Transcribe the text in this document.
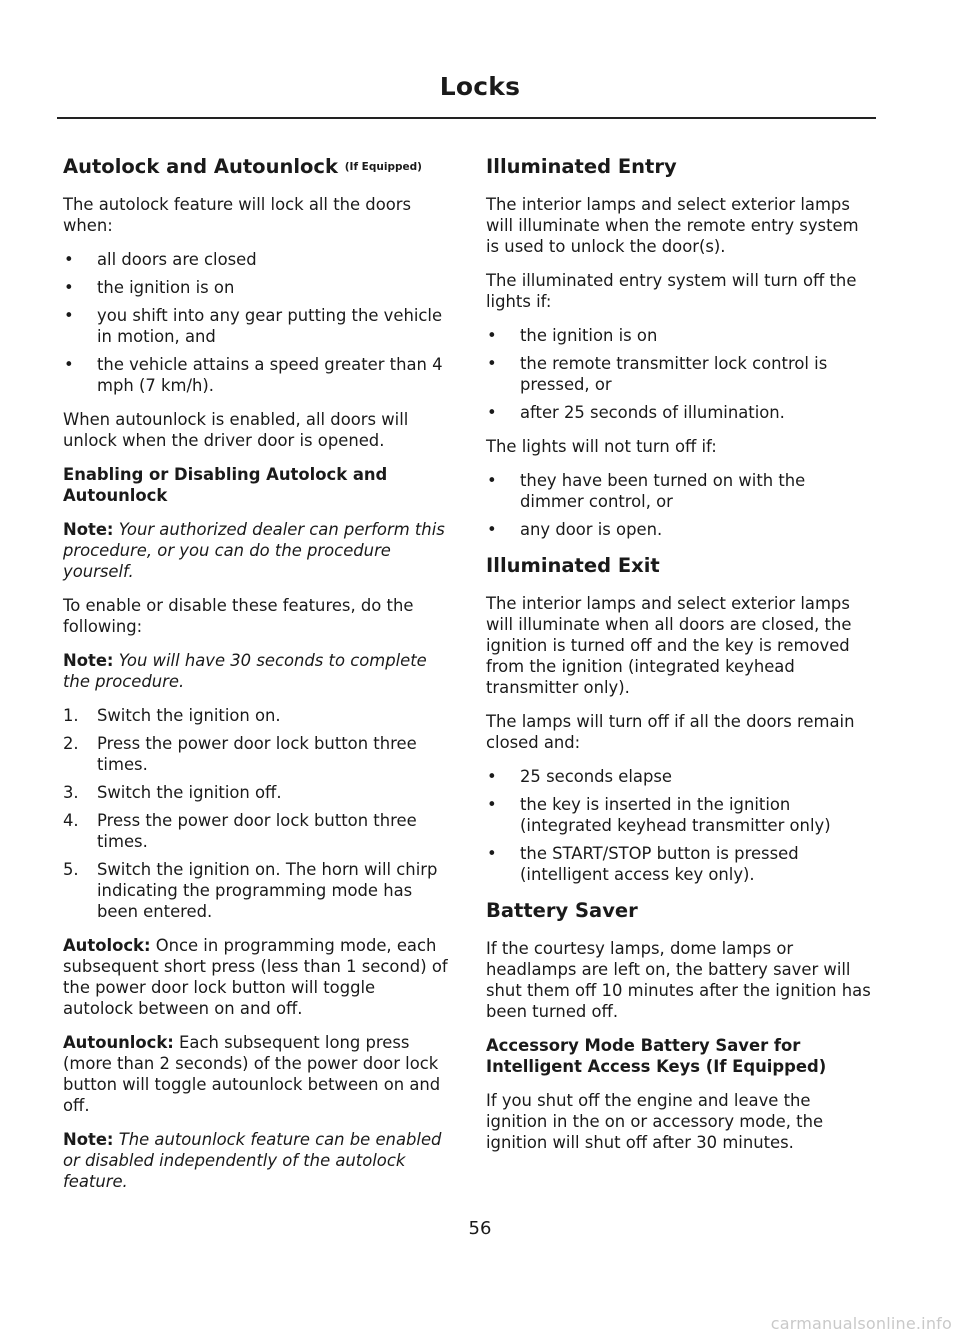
Locks
Autolock and Autounlock (If Equipped)

The autolock feature will lock all the doors when:

•	all doors are closed
•	the ignition is on
•	you shift into any gear putting the vehicle in motion, and
•	the vehicle attains a speed greater than 4 mph (7 km/h).

When autounlock is enabled, all doors will unlock when the driver door is opened.

Enabling or Disabling Autolock and Autounlock

Note: Your authorized dealer can perform this procedure, or you can do the procedure yourself.

To enable or disable these features, do the following:

Note: You will have 30 seconds to complete the procedure.

1.	Switch the ignition on.
2.	Press the power door lock button three times.
3.	Switch the ignition off.
4.	Press the power door lock button three times.
5.	Switch the ignition on. The horn will chirp indicating the programming mode has been entered.

Autolock: Once in programming mode, each subsequent short press (less than 1 second) of the power door lock button will toggle autolock between on and off.

Autounlock: Each subsequent long press (more than 2 seconds) of the power door lock button will toggle autounlock between on and off.

Note: The autounlock feature can be enabled or disabled independently of the autolock feature.

Illuminated Entry

The interior lamps and select exterior lamps will illuminate when the remote entry system is used to unlock the door(s).

The illuminated entry system will turn off the lights if:

•	the ignition is on
•	the remote transmitter lock control is pressed, or
•	after 25 seconds of illumination.

The lights will not turn off if:

•	they have been turned on with the dimmer control, or
•	any door is open.
Illuminated Exit

The interior lamps and select exterior lamps will illuminate when all doors are closed, the ignition is turned off and the key is removed from the ignition (integrated keyhead transmitter only).

The lamps will turn off if all the doors remain closed and:

•	25 seconds elapse
•	the key is inserted in the ignition (integrated keyhead transmitter only)
•	the START/STOP button is pressed (intelligent access key only).
Battery Saver

If the courtesy lamps, dome lamps or headlamps are left on, the battery saver will shut them off 10 minutes after the ignition has been turned off.

Accessory Mode Battery Saver for Intelligent Access Keys (If Equipped)

If you shut off the engine and leave the ignition in the on or accessory mode, the ignition will shut off after 30 minutes.

56
carmanualsonline.info
